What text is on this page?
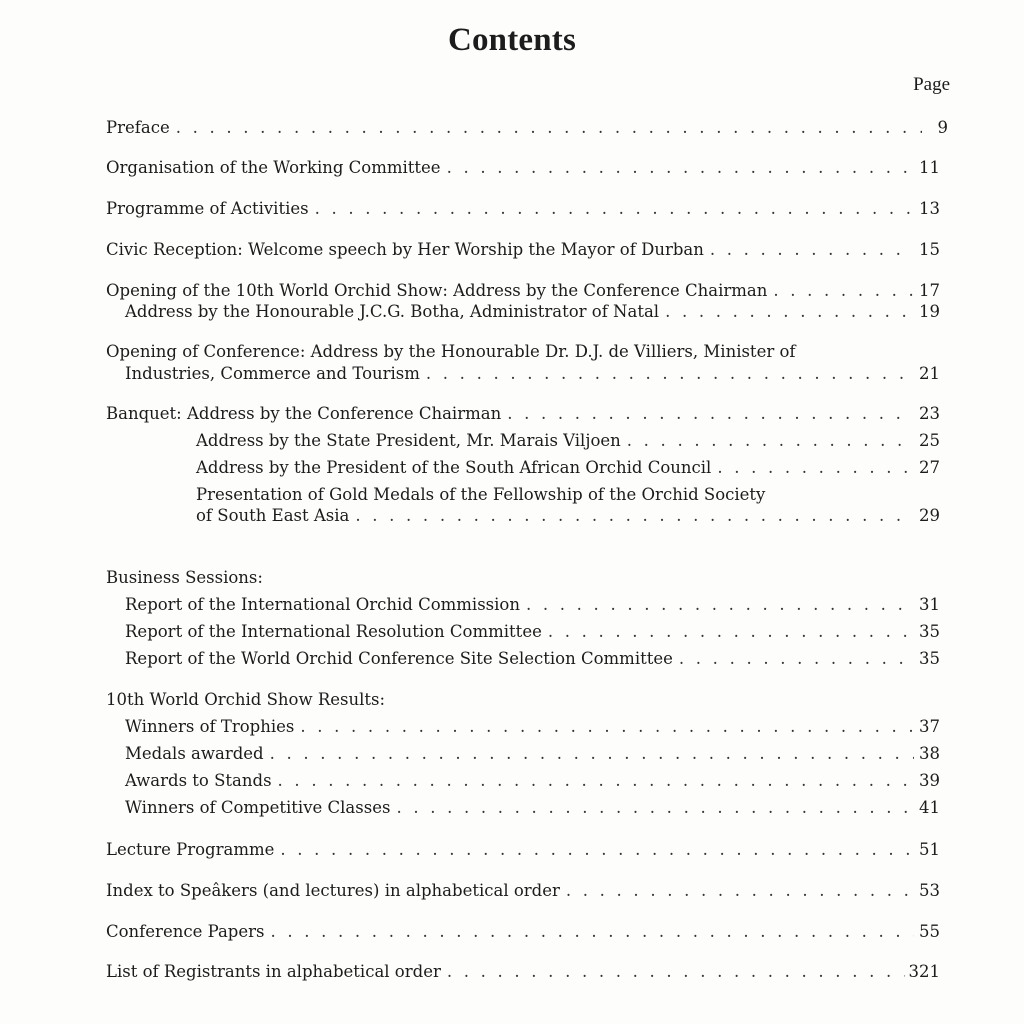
Contents
Page
Preface . . .	9
Organisation of the Working Committee . . .	11
Programme of Activities . . .	13
Civic Reception: Welcome speech by Her Worship the Mayor of Durban . . .	15
Opening of the 10th World Orchid Show: Address by the Conference Chairman . . .	17
Address by the Honourable J.C.G. Botha, Administrator of Natal . . .	19
Opening of Conference: Address by the Honourable Dr. D.J. de Villiers, Minister of
Industries, Commerce and Tourism . . .	21
Banquet: Address by the Conference Chairman . . .	23
Address by the State President, Mr. Marais Viljoen . . .	25
Address by the President of the South African Orchid Council . . .	27
Presentation of Gold Medals of the Fellowship of the Orchid Society
of South East Asia . . .	29
Business Sessions:
Report of the International Orchid Commission . . .	31
Report of the International Resolution Committee . . .	35
Report of the World Orchid Conference Site Selection Committee . . .	35
10th World Orchid Show Results:
Winners of Trophies . . .	37
Medals awarded . . .	38
Awards to Stands . . .	39
Winners of Competitive Classes . . .	41
Lecture Programme . . .	51
Index to Speâkers (and lectures) in alphabetical order . . .	53
Conference Papers . . .	55
List of Registrants in alphabetical order . . .	321
